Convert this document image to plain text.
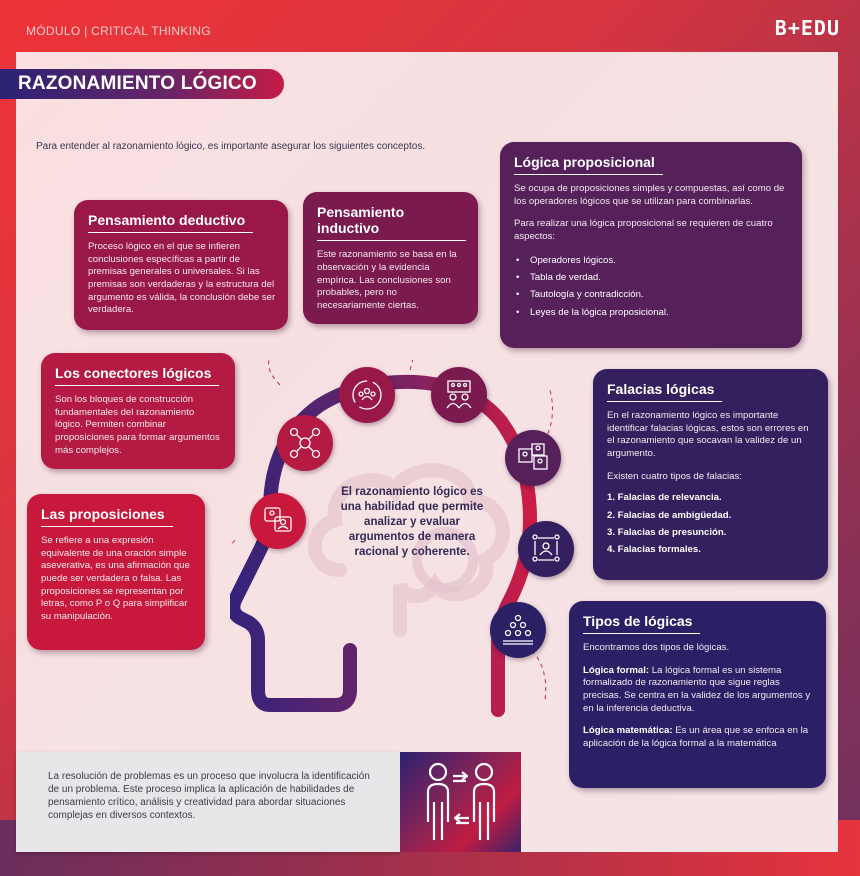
MÓDULO | CRITICAL THINKING	B+EDU
RAZONAMIENTO LÓGICO
Para entender al razonamiento lógico, es importante asegurar los siguientes conceptos.
El razonamiento lógico es una habilidad que permite analizar y evaluar argumentos de manera racional y coherente.
Pensamiento deductivo

Proceso lógico en el que se infieren conclusiones específicas a partir de premisas generales o universales. Si las premisas son verdaderas y la estructura del argumento es válida, la conclusión debe ser verdadera.

Pensamiento inductivo

Este razonamiento se basa en la observación y la evidencia empírica. Las conclusiones son probables, pero no necesariamente ciertas.

Lógica proposicional

Se ocupa de proposiciones simples y compuestas, así como de los operadores lógicos que se utilizan para combinarlas.

Para realizar una lógica proposicional se requieren de cuatro aspectos:

• Operadores lógicos.
• Tabla de verdad.
• Tautología y contradicción.
• Leyes de la lógica proposicional.
Los conectores lógicos

Son los bloques de construcción fundamentales del razonamiento lógico. Permiten combinar proposiciones para formar argumentos más complejos.

Las proposiciones

Se refiere a una expresión equivalente de una oración simple aseverativa, es una afirmación que puede ser verdadera o falsa. Las proposiciones se representan por letras, como P o Q para simplificar su manipulación.

Falacias lógicas

En el razonamiento lógico es importante identificar falacias lógicas, estos son errores en el razonamiento que socavan la validez de un argumento.

Existen cuatro tipos de falacias:

1. Falacias de relevancia.
2. Falacias de ambigüedad.
3. Falacias de presunción.
4. Falacias formales.
Tipos de lógicas

Encontramos dos tipos de lógicas.

Lógica formal: La lógica formal es un sistema formalizado de razonamiento que sigue reglas precisas. Se centra en la validez de los argumentos y en la inferencia deductiva.

Lógica matemática: Es un área que se enfoca en la aplicación de la lógica formal a la matemática

La resolución de problemas es un proceso que involucra la identificación de un problema. Este proceso implica la aplicación de habilidades de pensamiento crítico, análisis y creatividad para abordar situaciones complejas en diversos contextos.
